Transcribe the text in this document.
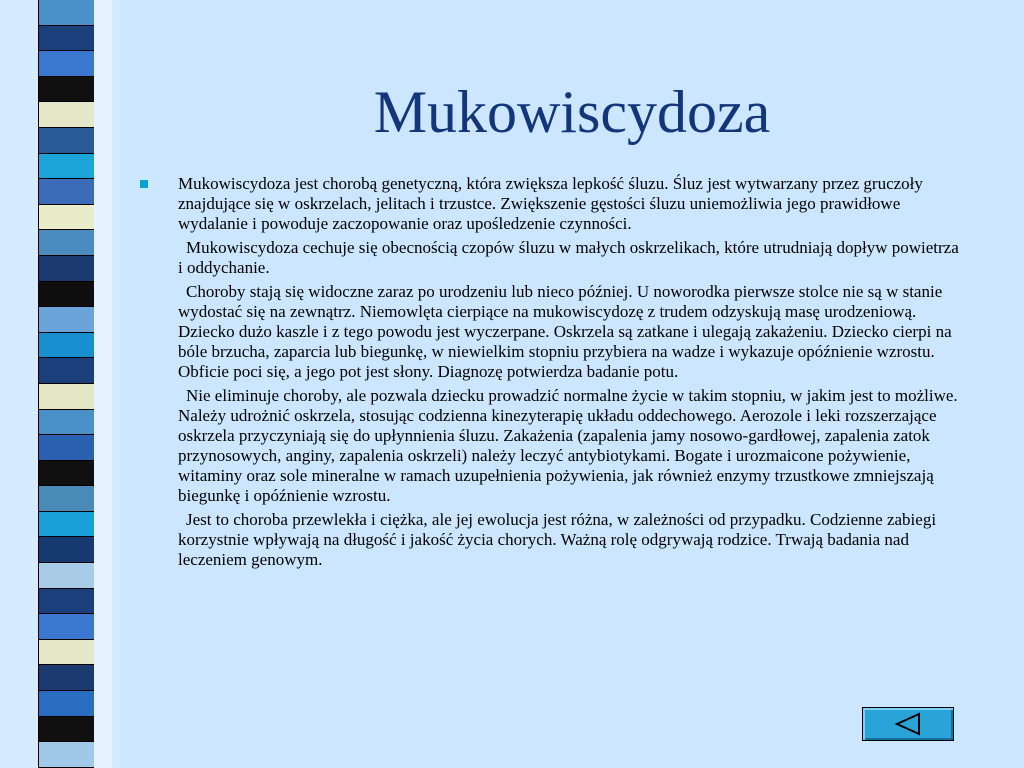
Mukowiscydoza

Mukowiscydoza jest chorobą genetyczną, która zwiększa lepkość śluzu. Śluz jest wytwarzany przez gruczoły znajdujące się w oskrzelach, jelitach i trzustce. Zwiększenie gęstości śluzu uniemożliwia jego prawidłowe wydalanie i powoduje zaczopowanie oraz upośledzenie czynności.

Mukowiscydoza cechuje się obecnością czopów śluzu w małych oskrzelikach, które utrudniają dopływ powietrza i oddychanie.

Choroby stają się widoczne zaraz po urodzeniu lub nieco później. U noworodka pierwsze stolce nie są w stanie wydostać się na zewnątrz. Niemowlęta cierpiące na mukowiscydozę z trudem odzyskują masę urodzeniową. Dziecko dużo kaszle i z tego powodu jest wyczerpane. Oskrzela są zatkane i ulegają zakażeniu. Dziecko cierpi na bóle brzucha, zaparcia lub biegunkę, w niewielkim stopniu przybiera na wadze i wykazuje opóźnienie wzrostu. Obficie poci się, a jego pot jest słony. Diagnozę potwierdza badanie potu.

Nie eliminuje choroby, ale pozwala dziecku prowadzić normalne życie w takim stopniu, w jakim jest to możliwe. Należy udrożnić oskrzela, stosując codzienna kinezyterapię układu oddechowego. Aerozole i leki rozszerzające oskrzela przyczyniają się do upłynnienia śluzu. Zakażenia (zapalenia jamy nosowo-gardłowej, zapalenia zatok przynosowych, anginy, zapalenia oskrzeli) należy leczyć antybiotykami. Bogate i urozmaicone pożywienie, witaminy oraz sole mineralne w ramach uzupełnienia pożywienia, jak również enzymy trzustkowe zmniejszają biegunkę i opóźnienie wzrostu.

Jest to choroba przewlekła i ciężka, ale jej ewolucja jest różna, w zależności od przypadku. Codzienne zabiegi korzystnie wpływają na długość i jakość życia chorych. Ważną rolę odgrywają rodzice. Trwają badania nad leczeniem genowym.
